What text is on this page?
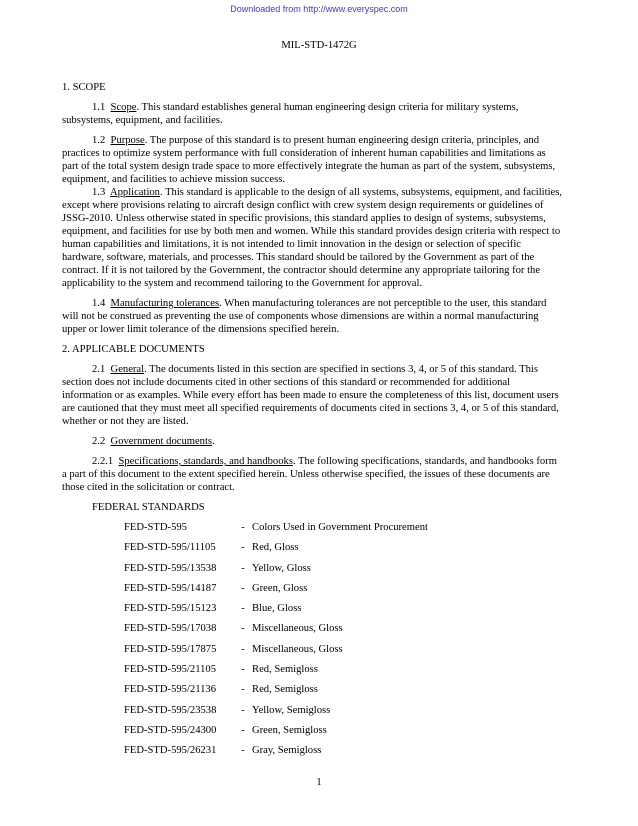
Downloaded from http://www.everyspec.com
MIL-STD-1472G

1. SCOPE

1.1 Scope. This standard establishes general human engineering design criteria for military systems, subsystems, equipment, and facilities.

1.2 Purpose. The purpose of this standard is to present human engineering design criteria, principles, and practices to optimize system performance with full consideration of inherent human capabilities and limitations as part of the total system design trade space to more effectively integrate the human as part of the system, subsystems, equipment, and facilities to achieve mission success.

1.3 Application. This standard is applicable to the design of all systems, subsystems, equipment, and facilities, except where provisions relating to aircraft design conflict with crew system design requirements or guidelines of JSSG-2010. Unless otherwise stated in specific provisions, this standard applies to design of systems, subsystems, equipment, and facilities for use by both men and women. While this standard provides design criteria with respect to human capabilities and limitations, it is not intended to limit innovation in the design or selection of specific hardware, software, materials, and processes. This standard should be tailored by the Government as part of the contract. If it is not tailored by the Government, the contractor should determine any appropriate tailoring for the applicability to the system and recommend tailoring to the Government for approval.

1.4 Manufacturing tolerances. When manufacturing tolerances are not perceptible to the user, this standard will not be construed as preventing the use of components whose dimensions are within a normal manufacturing upper or lower limit tolerance of the dimensions specified herein.

2. APPLICABLE DOCUMENTS

2.1 General. The documents listed in this section are specified in sections 3, 4, or 5 of this standard. This section does not include documents cited in other sections of this standard or recommended for additional information or as examples. While every effort has been made to ensure the completeness of this list, document users are cautioned that they must meet all specified requirements of documents cited in sections 3, 4, or 5 of this standard, whether or not they are listed.

2.2 Government documents.

2.2.1 Specifications, standards, and handbooks. The following specifications, standards, and handbooks form a part of this document to the extent specified herein. Unless otherwise specified, the issues of these documents are those cited in the solicitation or contract.

FEDERAL STANDARDS

FED-STD-595	-	Colors Used in Government Procurement
FED-STD-595/11105	-	Red, Gloss
FED-STD-595/13538	-	Yellow, Gloss
FED-STD-595/14187	-	Green, Gloss
FED-STD-595/15123	-	Blue, Gloss
FED-STD-595/17038	-	Miscellaneous, Gloss
FED-STD-595/17875	-	Miscellaneous, Gloss
FED-STD-595/21105	-	Red, Semigloss
FED-STD-595/21136	-	Red, Semigloss
FED-STD-595/23538	-	Yellow, Semigloss
FED-STD-595/24300	-	Green, Semigloss
FED-STD-595/26231	-	Gray, Semigloss
1
